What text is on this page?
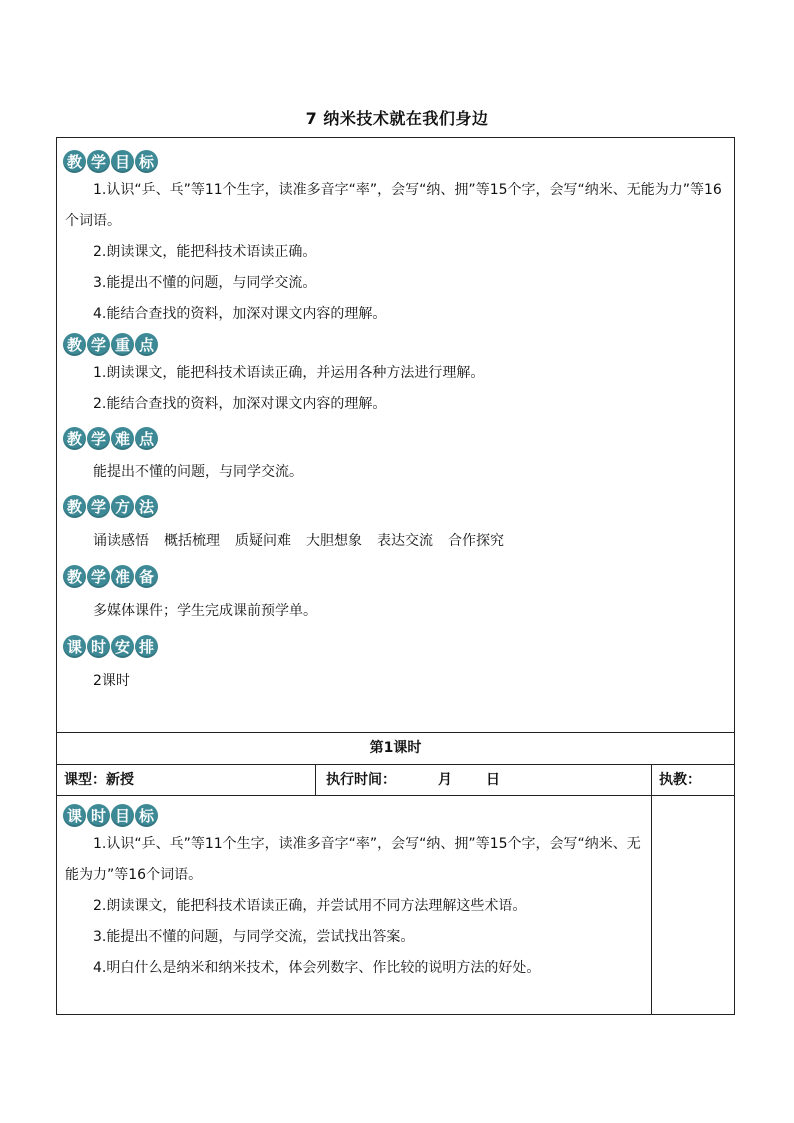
7 纳米技术就在我们身边
教 学 目 标
1.认识“乒、乓”等11个生字，读准多音字“率”，会写“纳、拥”等15个字，会写“纳米、无能为力”等16个词语。
2.朗读课文，能把科技术语读正确。
3.能提出不懂的问题，与同学交流。
4.能结合查找的资料，加深对课文内容的理解。
教 学 重 点
1.朗读课文，能把科技术语读正确，并运用各种方法进行理解。
2.能结合查找的资料，加深对课文内容的理解。
教 学 难 点
能提出不懂的问题，与同学交流。
教 学 方 法
诵读感悟 概括梳理 质疑问难 大胆想象 表达交流 合作探究
教 学 准 备
多媒体课件；学生完成课前预学单。
课 时 安 排
2课时
第1课时
课型：新授	执行时间：	月 日	执教：
课 时 目 标
1.认识“乒、乓”等11个生字，读准多音字“率”，会写“纳、拥”等15个字，会写“纳米、无能为力”等16个词语。
2.朗读课文，能把科技术语读正确，并尝试用不同方法理解这些术语。
3.能提出不懂的问题，与同学交流，尝试找出答案。
4.明白什么是纳米和纳米技术，体会列数字、作比较的说明方法的好处。
